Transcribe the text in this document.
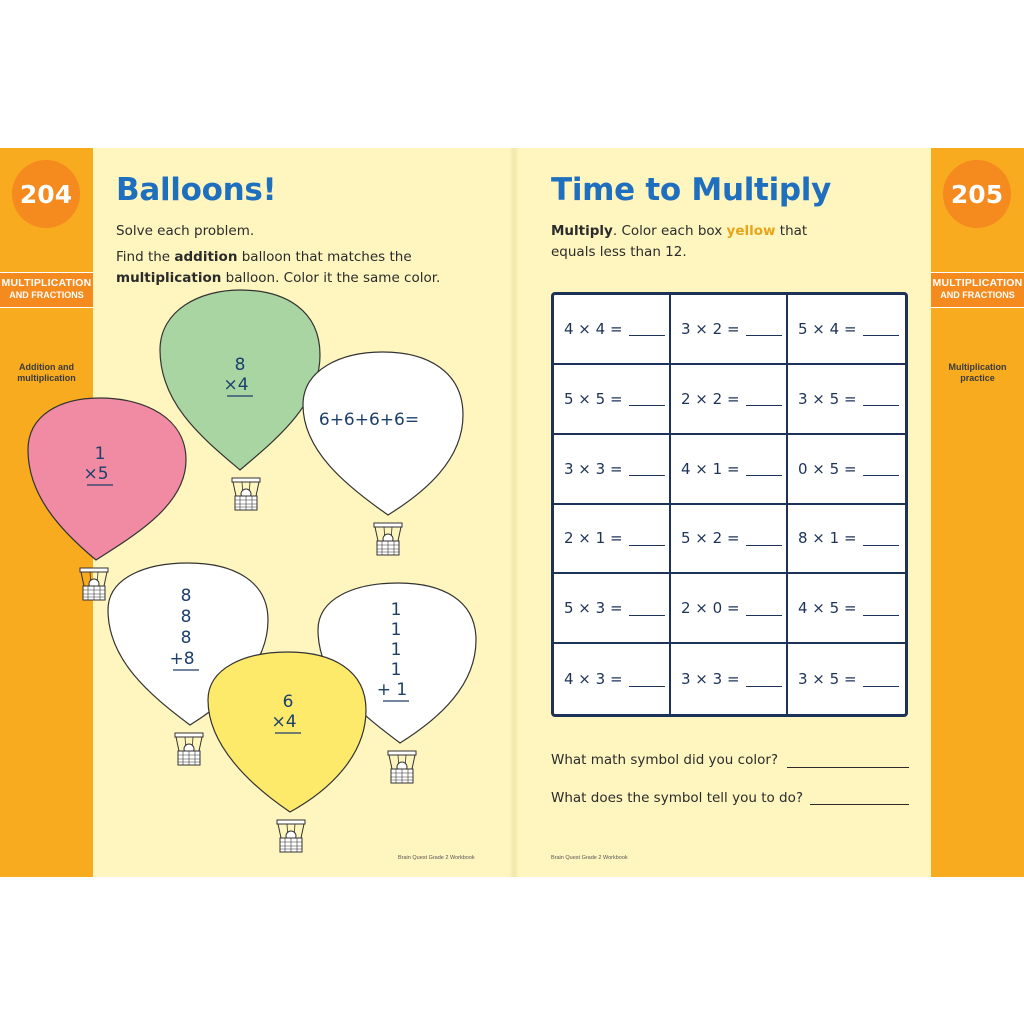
204
MULTIPLICATION
AND FRACTIONS
Addition and multiplication
205
MULTIPLICATION
AND FRACTIONS
Multiplication practice
Balloons!
Solve each problem.
Find the addition balloon that matches the
multiplication balloon. Color it the same color.
8
×4
1
×5
6+6+6+6=
8
8
8
+8
6
×4
1
1
1
1
+ 1
Time to Multiply
Multiply. Color each box yellow that
equals less than 12.
4 × 4 =	3 × 2 =	5 × 4 =
5 × 5 =	2 × 2 =	3 × 5 =
3 × 3 =	4 × 1 =	0 × 5 =
2 × 1 =	5 × 2 =	8 × 1 =
5 × 3 =	2 × 0 =	4 × 5 =
4 × 3 =	3 × 3 =	3 × 5 =
What math symbol did you color?
What does the symbol tell you to do?
Brain Quest Grade 2 Workbook	Brain Quest Grade 2 Workbook
